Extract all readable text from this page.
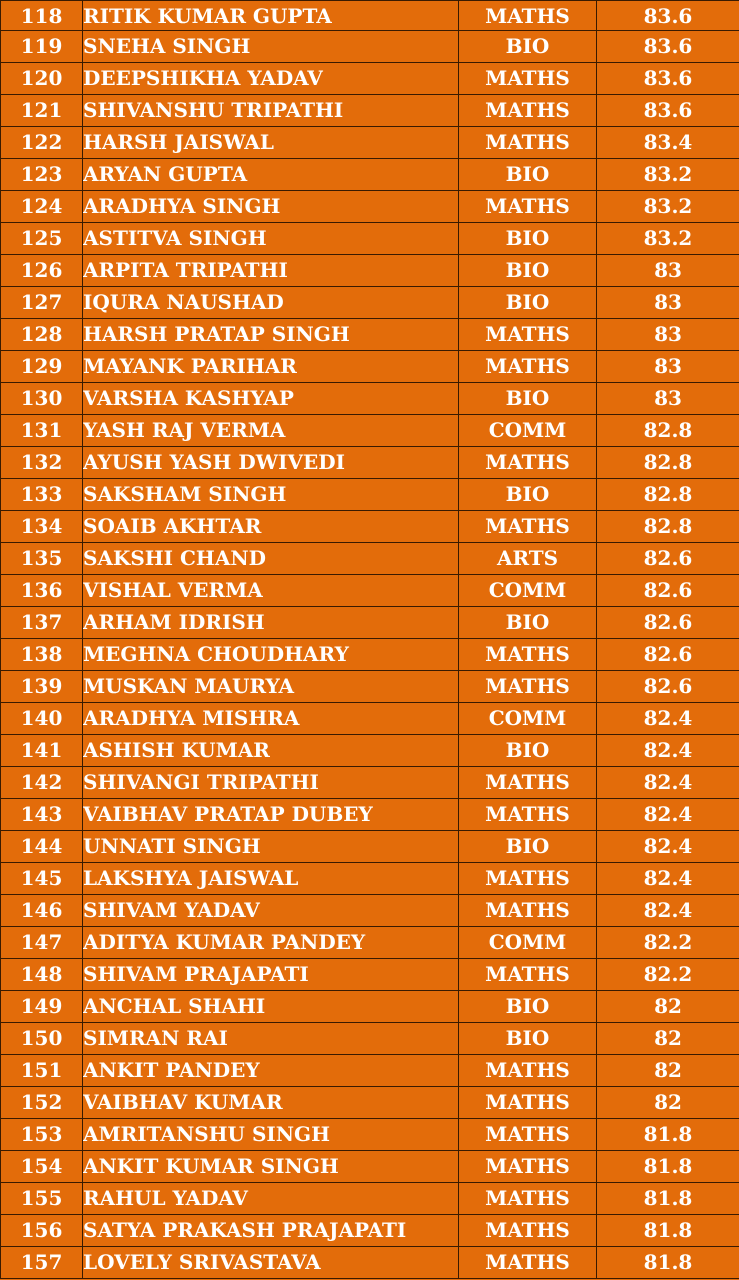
118	RITIK KUMAR GUPTA	MATHS	83.6
119	SNEHA SINGH	BIO	83.6
120	DEEPSHIKHA YADAV	MATHS	83.6
121	SHIVANSHU TRIPATHI	MATHS	83.6
122	HARSH JAISWAL	MATHS	83.4
123	ARYAN GUPTA	BIO	83.2
124	ARADHYA SINGH	MATHS	83.2
125	ASTITVA SINGH	BIO	83.2
126	ARPITA TRIPATHI	BIO	83
127	IQURA NAUSHAD	BIO	83
128	HARSH PRATAP SINGH	MATHS	83
129	MAYANK PARIHAR	MATHS	83
130	VARSHA KASHYAP	BIO	83
131	YASH RAJ VERMA	COMM	82.8
132	AYUSH YASH DWIVEDI	MATHS	82.8
133	SAKSHAM SINGH	BIO	82.8
134	SOAIB AKHTAR	MATHS	82.8
135	SAKSHI CHAND	ARTS	82.6
136	VISHAL VERMA	COMM	82.6
137	ARHAM IDRISH	BIO	82.6
138	MEGHNA CHOUDHARY	MATHS	82.6
139	MUSKAN MAURYA	MATHS	82.6
140	ARADHYA MISHRA	COMM	82.4
141	ASHISH KUMAR	BIO	82.4
142	SHIVANGI TRIPATHI	MATHS	82.4
143	VAIBHAV PRATAP DUBEY	MATHS	82.4
144	UNNATI SINGH	BIO	82.4
145	LAKSHYA JAISWAL	MATHS	82.4
146	SHIVAM YADAV	MATHS	82.4
147	ADITYA KUMAR PANDEY	COMM	82.2
148	SHIVAM PRAJAPATI	MATHS	82.2
149	ANCHAL SHAHI	BIO	82
150	SIMRAN RAI	BIO	82
151	ANKIT PANDEY	MATHS	82
152	VAIBHAV KUMAR	MATHS	82
153	AMRITANSHU SINGH	MATHS	81.8
154	ANKIT KUMAR SINGH	MATHS	81.8
155	RAHUL YADAV	MATHS	81.8
156	SATYA PRAKASH PRAJAPATI	MATHS	81.8
157	LOVELY SRIVASTAVA	MATHS	81.8
